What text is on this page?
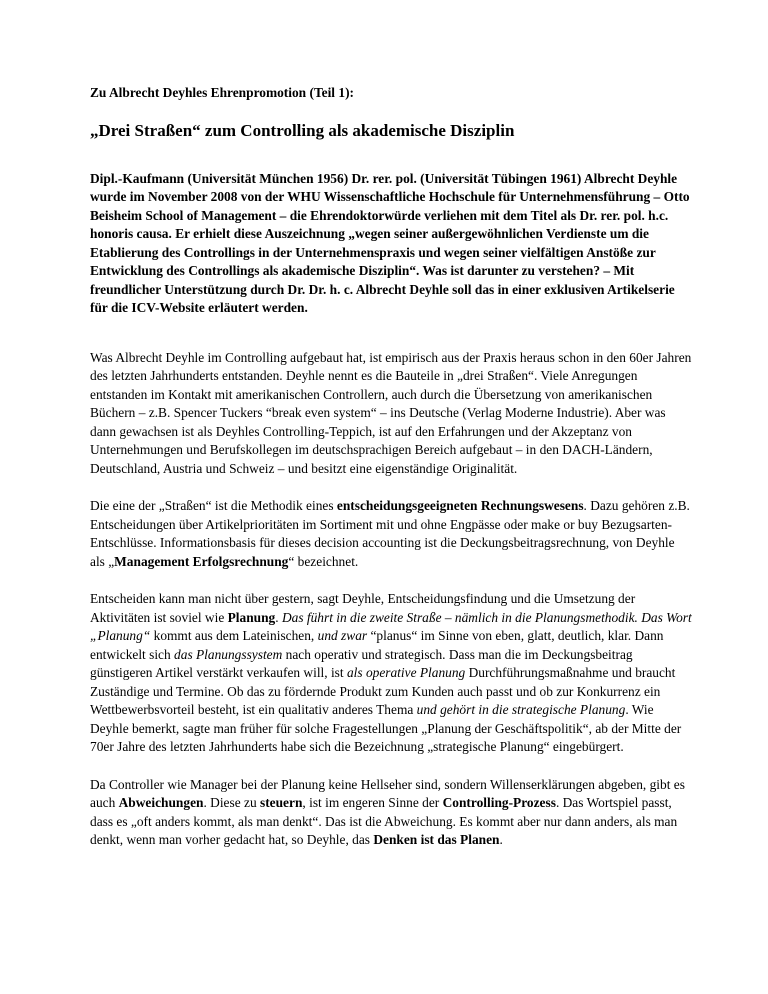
Zu Albrecht Deyhles Ehrenpromotion (Teil 1):

„Drei Straßen“ zum Controlling als akademische Disziplin

Dipl.-Kaufmann (Universität München 1956) Dr. rer. pol. (Universität Tübingen 1961) Albrecht Deyhle wurde im November 2008 von der WHU Wissenschaftliche Hochschule für Unternehmensführung – Otto Beisheim School of Management – die Ehrendoktorwürde verliehen mit dem Titel als Dr. rer. pol. h.c. honoris causa. Er erhielt diese Auszeichnung „wegen seiner außergewöhnlichen Verdienste um die Etablierung des Controllings in der Unternehmenspraxis und wegen seiner vielfältigen Anstöße zur Entwicklung des Controllings als akademische Disziplin“. Was ist darunter zu verstehen? – Mit freundlicher Unterstützung durch Dr. Dr. h. c. Albrecht Deyhle soll das in einer exklusiven Artikelserie für die ICV-Website erläutert werden.

Was Albrecht Deyhle im Controlling aufgebaut hat, ist empirisch aus der Praxis heraus schon in den 60er Jahren des letzten Jahrhunderts entstanden. Deyhle nennt es die Bauteile in „drei Straßen“. Viele Anregungen entstanden im Kontakt mit amerikanischen Controllern, auch durch die Übersetzung von amerikanischen Büchern – z.B. Spencer Tuckers “break even system“ – ins Deutsche (Verlag Moderne Industrie). Aber was dann gewachsen ist als Deyhles Controlling-Teppich, ist auf den Erfahrungen und der Akzeptanz von Unternehmungen und Berufskollegen im deutschsprachigen Bereich aufgebaut – in den DACH-Ländern, Deutschland, Austria und Schweiz – und besitzt eine eigenständige Originalität.

Die eine der „Straßen“ ist die Methodik eines entscheidungsgeeigneten Rechnungswesens. Dazu gehören z.B. Entscheidungen über Artikelprioritäten im Sortiment mit und ohne Engpässe oder make or buy Bezugsarten-Entschlüsse. Informationsbasis für dieses decision accounting ist die Deckungsbeitragsrechnung, von Deyhle als „Management Erfolgsrechnung“ bezeichnet.

Entscheiden kann man nicht über gestern, sagt Deyhle, Entscheidungsfindung und die Umsetzung der Aktivitäten ist soviel wie Planung. Das führt in die zweite Straße – nämlich in die Planungsmethodik. Das Wort „Planung“ kommt aus dem Lateinischen, und zwar “planus“ im Sinne von eben, glatt, deutlich, klar. Dann entwickelt sich das Planungssystem nach operativ und strategisch. Dass man die im Deckungsbeitrag günstigeren Artikel verstärkt verkaufen will, ist als operative Planung Durchführungsmaßnahme und braucht Zuständige und Termine. Ob das zu fördernde Produkt zum Kunden auch passt und ob zur Konkurrenz ein Wettbewerbsvorteil besteht, ist ein qualitativ anderes Thema und gehört in die strategische Planung. Wie Deyhle bemerkt, sagte man früher für solche Fragestellungen „Planung der Geschäftspolitik“, ab der Mitte der 70er Jahre des letzten Jahrhunderts habe sich die Bezeichnung „strategische Planung“ eingebürgert.

Da Controller wie Manager bei der Planung keine Hellseher sind, sondern Willenserklärungen abgeben, gibt es auch Abweichungen. Diese zu steuern, ist im engeren Sinne der Controlling-Prozess. Das Wortspiel passt, dass es „oft anders kommt, als man denkt“. Das ist die Abweichung. Es kommt aber nur dann anders, als man denkt, wenn man vorher gedacht hat, so Deyhle, das Denken ist das Planen.
